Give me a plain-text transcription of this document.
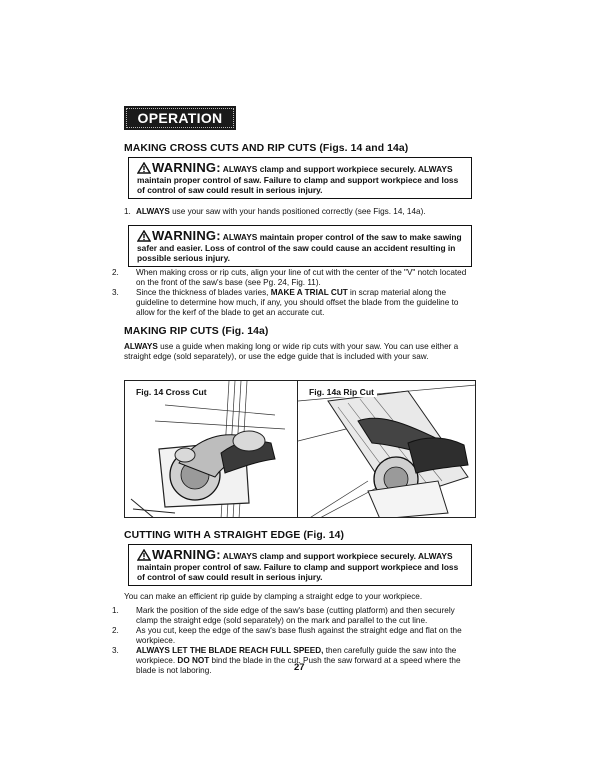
OPERATION cont.
MAKING CROSS CUTS AND RIP CUTS (Figs. 14 and 14a)
WARNING: ALWAYS clamp and support workpiece securely. ALWAYS
maintain proper control of saw. Failure to clamp and support workpiece and loss of control of saw could result in serious injury.
1. ALWAYS use your saw with your hands positioned correctly (see Figs. 14, 14a).
WARNING: ALWAYS maintain proper control of the saw to make sawing
safer and easier. Loss of control of the saw could cause an accident resulting in possible serious injury.
2. When making cross or rip cuts, align your line of cut with the center of the "V" notch located on the front of the saw's base (see Pg. 24, Fig. 11).
3. Since the thickness of blades varies, MAKE A TRIAL CUT in scrap material along the guideline to determine how much, if any, you should offset the blade from the guideline to allow for the kerf of the blade to get an accurate cut.
MAKING RIP CUTS (Fig. 14a)
ALWAYS use a guide when making long or wide rip cuts with your saw. You can use either a straight edge (sold separately), or use the edge guide that is included with your saw.
Fig. 14 Cross Cut	Fig. 14a Rip Cut
CUTTING WITH A STRAIGHT EDGE (Fig. 14)
WARNING: ALWAYS clamp and support workpiece securely. ALWAYS
maintain proper control of saw. Failure to clamp and support workpiece and loss of control of saw could result in serious injury.
You can make an efficient rip guide by clamping a straight edge to your workpiece.
1. Mark the position of the side edge of the saw's base (cutting platform) and then securely clamp the straight edge (sold separately) on the mark and parallel to the cut line.
2. As you cut, keep the edge of the saw's base flush against the straight edge and flat on the workpiece.
3. ALWAYS LET THE BLADE REACH FULL SPEED, then carefully guide the saw into the workpiece. DO NOT bind the blade in the cut. Push the saw forward at a speed where the blade is not laboring.	27
